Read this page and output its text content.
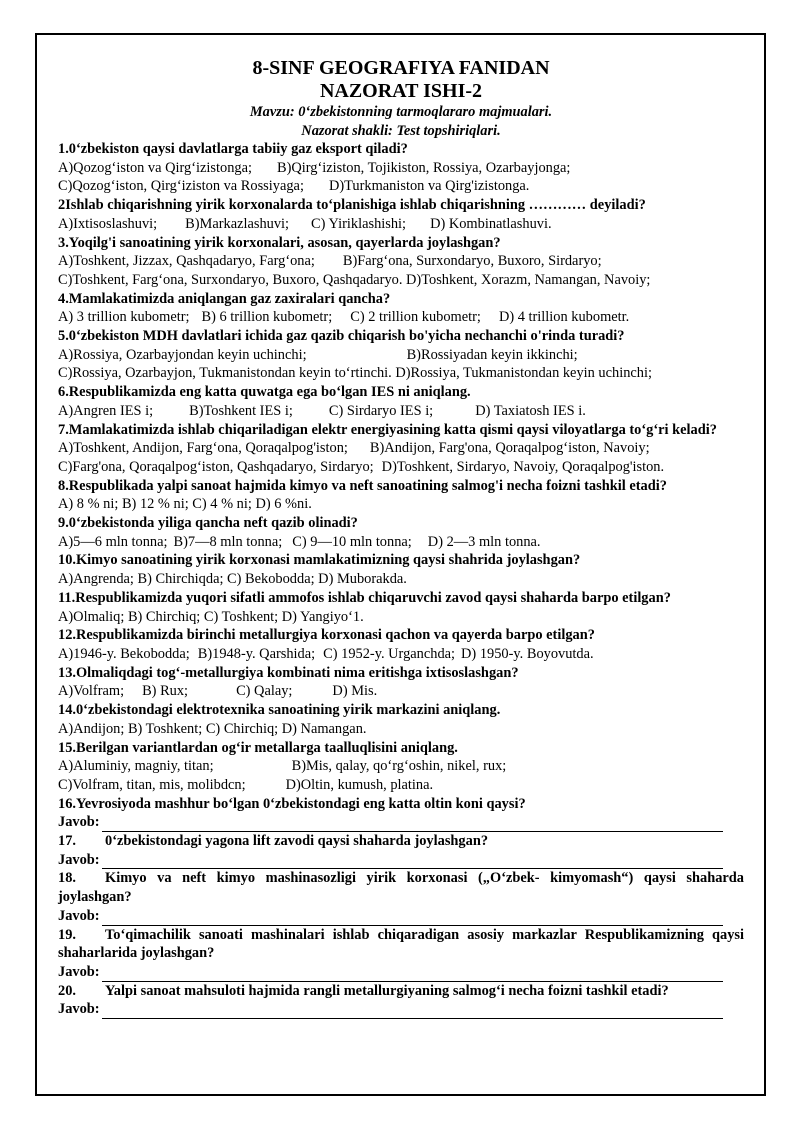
8-SINF GEOGRAFIYA FANIDAN
NAZORAT ISHI-2
Mavzu: 0‘zbekistonning tarmoqlararo majmualari.
Nazorat shakli: Test topshiriqlari.
1.0‘zbekiston qaysi davlatlarga tabiiy gaz eksport qiladi?
A)Qozog‘iston va Qirg‘izistonga; B)Qirg‘iziston, Tojikiston, Rossiya, Ozarbayjonga;
C)Qozog‘iston, Qirg‘iziston va Rossiyaga; D)Turkmaniston va Qirg'izistonga.
2Ishlab chiqarishning yirik korxonalarda to‘planishiga ishlab chiqarishning ………… deyiladi?
A)Ixtisoslashuvi; B)Markazlashuvi; C) Yiriklashishi; D) Kombinatlashuvi.
3.Yoqilg'i sanoatining yirik korxonalari, asosan, qayerlarda joylashgan?
A)Toshkent, Jizzax, Qashqadaryo, Farg‘ona; B)Farg‘ona, Surxondaryo, Buxoro, Sirdaryo;
C)Toshkent, Farg‘ona, Surxondaryo, Buxoro, Qashqadaryo. D)Toshkent, Xorazm, Namangan, Navoiy;
4.Mamlakatimizda aniqlangan gaz zaxiralari qancha?
A) 3 trillion kubometr; B) 6 trillion kubometr; C) 2 trillion kubometr; D) 4 trillion kubometr.
5.0‘zbekiston MDH davlatlari ichida gaz qazib chiqarish bo'yicha nechanchi o'rinda turadi?
A)Rossiya, Ozarbayjondan keyin uchinchi;	B)Rossiyadan keyin ikkinchi;
C)Rossiya, Ozarbayjon, Tukmanistondan keyin to‘rtinchi. D)Rossiya, Tukmanistondan keyin uchinchi;
6.Respublikamizda eng katta quwatga ega bo‘lgan IES ni aniqlang.
A)Angren IES i;	B)Toshkent IES i;	C) Sirdaryo IES i;	D) Taxiatosh IES i.
7.Mamlakatimizda ishlab chiqariladigan elektr energiyasining katta qismi qaysi viloyatlarga to‘g‘ri keladi?
A)Toshkent, Andijon, Farg‘ona, Qoraqalpog'iston; B)Andijon, Farg'ona, Qoraqalpog‘iston, Navoiy;
C)Farg'ona, Qoraqalpog‘iston, Qashqadaryo, Sirdaryo; D)Toshkent, Sirdaryo, Navoiy, Qoraqalpog'iston.
8.Respublikada yalpi sanoat hajmida kimyo va neft sanoatining salmog'i necha foizni tashkil etadi?
A) 8 % ni; B) 12 % ni; C) 4 % ni; D) 6 %ni.
9.0‘zbekistonda yiliga qancha neft qazib olinadi?
A)5—6 mln tonna; B)7—8 mln tonna; C) 9—10 mln tonna; D) 2—3 mln tonna.
10.Kimyo sanoatining yirik korxonasi mamlakatimizning qaysi shahrida joylashgan?
A)Angrenda; B) Chirchiqda; C) Bekobodda; D) Muborakda.
11.Respublikamizda yuqori sifatli ammofos ishlab chiqaruvchi zavod qaysi shaharda barpo etilgan?
A)Olmaliq; B) Chirchiq; C) Toshkent; D) Yangiyo‘1.
12.Respublikamizda birinchi metallurgiya korxonasi qachon va qayerda barpo etilgan?
A)1946-y. Bekobodda; B)1948-y. Qarshida; C) 1952-y. Urganchda; D) 1950-y. Boyovutda.
13.Olmaliqdagi tog‘-metallurgiya kombinati nima eritishga ixtisoslashgan?
A)Volfram; B) Rux;	C) Qalay;	D) Mis.
14.0‘zbekistondagi elektrotexnika sanoatining yirik markazini aniqlang.
A)Andijon; B) Toshkent; C) Chirchiq; D) Namangan.
15.Berilgan variantlardan og‘ir metallarga taalluqlisini aniqlang.
A)Aluminiy, magniy, titan;	B)Mis, qalay, qo‘rg‘oshin, nikel, rux;
C)Volfram, titan, mis, molibdcn;	D)Oltin, kumush, platina.
16.Yevrosiyoda mashhur bo‘lgan 0‘zbekistondagi eng katta oltin koni qaysi?
Javob:
17. 0‘zbekistondagi yagona lift zavodi qaysi shaharda joylashgan?
Javob:
18. Kimyo va neft kimyo mashinasozligi yirik korxonasi („O‘zbek- kimyomash“) qaysi shaharda joylashgan?
Javob:
19. To‘qimachilik sanoati mashinalari ishlab chiqaradigan asosiy markazlar Respublikamizning qaysi shaharlarida joylashgan?
Javob:
20. Yalpi sanoat mahsuloti hajmida rangli metallurgiyaning salmog‘i necha foizni tashkil etadi?
Javob:
